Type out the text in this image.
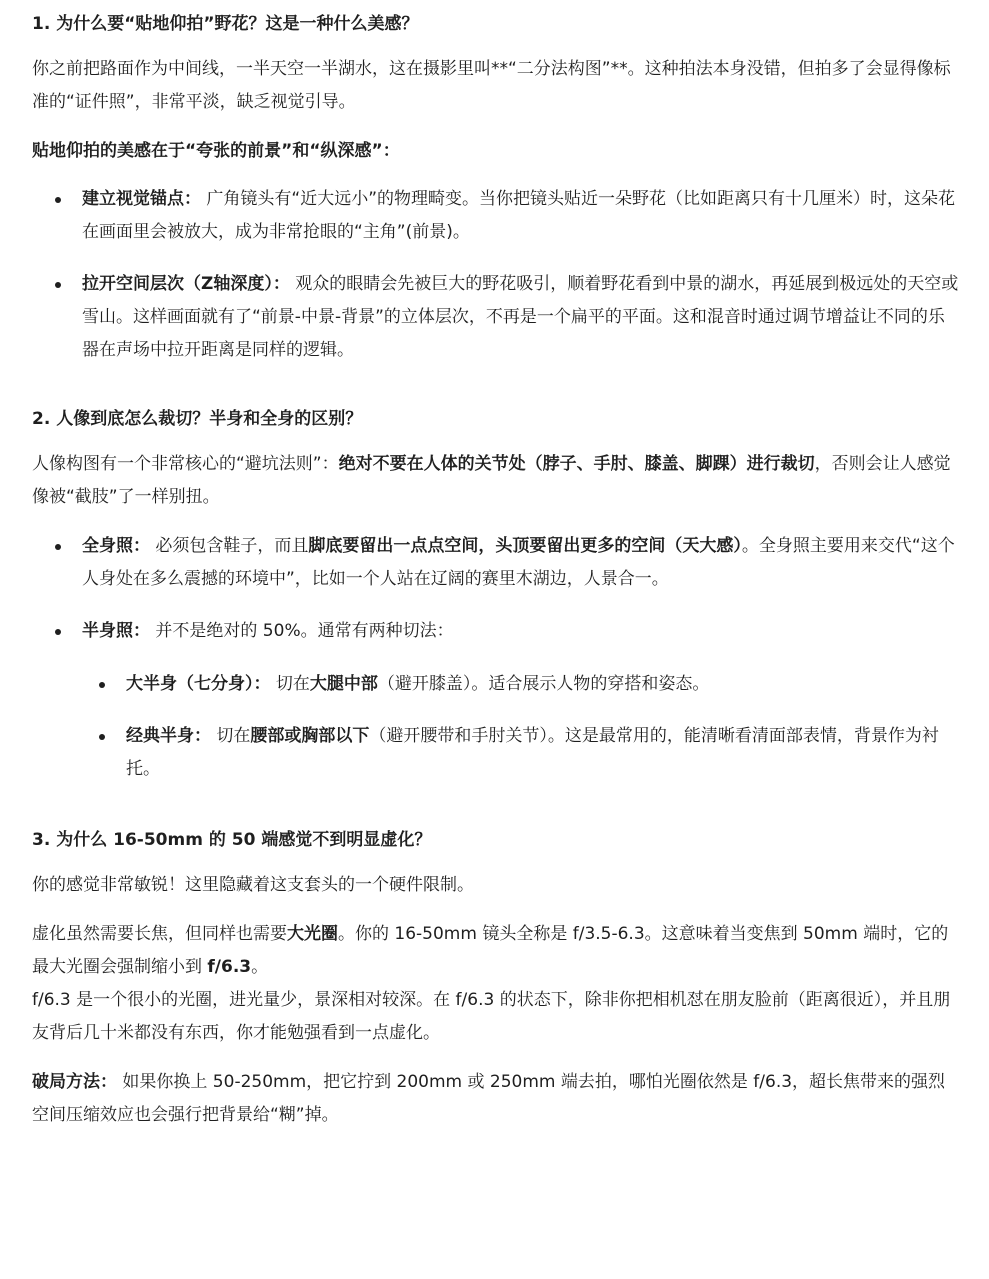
1. 为什么要“贴地仰拍”野花？这是一种什么美感？

你之前把路面作为中间线，一半天空一半湖水，这在摄影里叫**“二分法构图”**。这种拍法本身没错，但拍多了会显得像标准的“证件照”，非常平淡，缺乏视觉引导。

贴地仰拍的美感在于“夸张的前景”和“纵深感”：

建立视觉锚点： 广角镜头有“近大远小”的物理畸变。当你把镜头贴近一朵野花（比如距离只有十几厘米）时，这朵花在画面里会被放大，成为非常抢眼的“主角”(前景)。
拉开空间层次（Z轴深度）： 观众的眼睛会先被巨大的野花吸引，顺着野花看到中景的湖水，再延展到极远处的天空或雪山。这样画面就有了“前景-中景-背景”的立体层次，不再是一个扁平的平面。这和混音时通过调节增益让不同的乐器在声场中拉开距离是同样的逻辑。
2. 人像到底怎么裁切？半身和全身的区别？

人像构图有一个非常核心的“避坑法则”：绝对不要在人体的关节处（脖子、手肘、膝盖、脚踝）进行裁切，否则会让人感觉像被“截肢”了一样别扭。

全身照： 必须包含鞋子，而且脚底要留出一点点空间，头顶要留出更多的空间（天大感）。全身照主要用来交代“这个人身处在多么震撼的环境中”，比如一个人站在辽阔的赛里木湖边，人景合一。
半身照： 并不是绝对的 50%。通常有两种切法：
大半身（七分身）： 切在大腿中部（避开膝盖）。适合展示人物的穿搭和姿态。
经典半身： 切在腰部或胸部以下（避开腰带和手肘关节）。这是最常用的，能清晰看清面部表情，背景作为衬托。
3. 为什么 16-50mm 的 50 端感觉不到明显虚化？

你的感觉非常敏锐！这里隐藏着这支套头的一个硬件限制。

虚化虽然需要长焦，但同样也需要大光圈。你的 16-50mm 镜头全称是 f/3.5-6.3。这意味着当变焦到 50mm 端时，它的最大光圈会强制缩小到 f/6.3。

f/6.3 是一个很小的光圈，进光量少，景深相对较深。在 f/6.3 的状态下，除非你把相机怼在朋友脸前（距离很近），并且朋友背后几十米都没有东西，你才能勉强看到一点虚化。

破局方法： 如果你换上 50-250mm，把它拧到 200mm 或 250mm 端去拍，哪怕光圈依然是 f/6.3，超长焦带来的强烈空间压缩效应也会强行把背景给“糊”掉。
